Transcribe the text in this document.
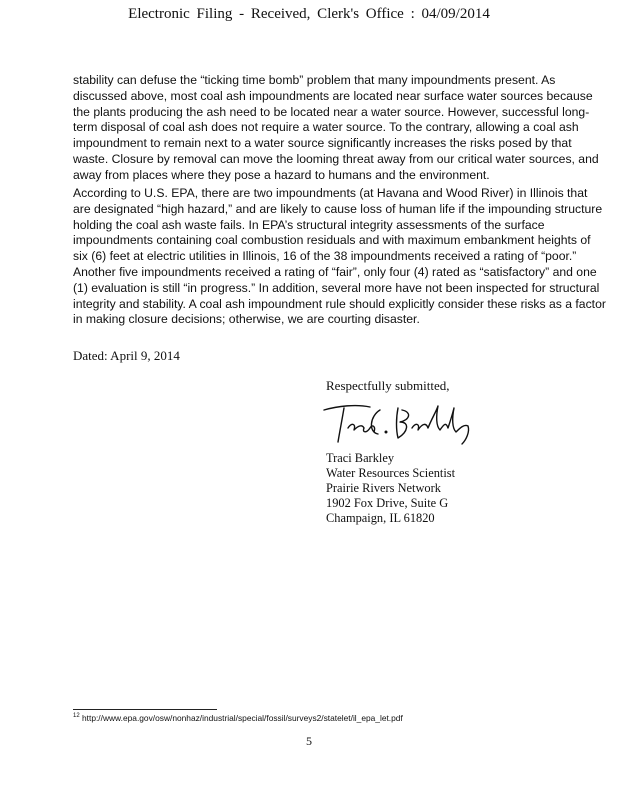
Electronic Filing - Received, Clerk's Office : 04/09/2014

stability can defuse the “ticking time bomb” problem that many impoundments present. As discussed above, most coal ash impoundments are located near surface water sources because the plants producing the ash need to be located near a water source. However, successful long-term disposal of coal ash does not require a water source. To the contrary, allowing a coal ash impoundment to remain next to a water source significantly increases the risks posed by that waste. Closure by removal can move the looming threat away from our critical water sources, and away from places where they pose a hazard to humans and the environment.

According to U.S. EPA, there are two impoundments (at Havana and Wood River) in Illinois that are designated “high hazard,” and are likely to cause loss of human life if the impounding structure holding the coal ash waste fails. In EPA’s structural integrity assessments of the surface impoundments containing coal combustion residuals and with maximum embankment heights of six (6) feet at electric utilities in Illinois, 16 of the 38 impoundments received a rating of “poor.” Another five impoundments received a rating of “fair”, only four (4) rated as “satisfactory” and one (1) evaluation is still “in progress.” In addition, several more have not been inspected for structural integrity and stability. A coal ash impoundment rule should explicitly consider these risks as a factor in making closure decisions; otherwise, we are courting disaster.

Dated: April 9, 2014
Respectfully submitted,
Traci Barkley
Water Resources Scientist
Prairie Rivers Network
1902 Fox Drive, Suite G
Champaign, IL 61820
$^{12}$ http://www.epa.gov/osw/nonhaz/industrial/special/fossil/surveys2/statelet/il_epa_let.pdf
5
